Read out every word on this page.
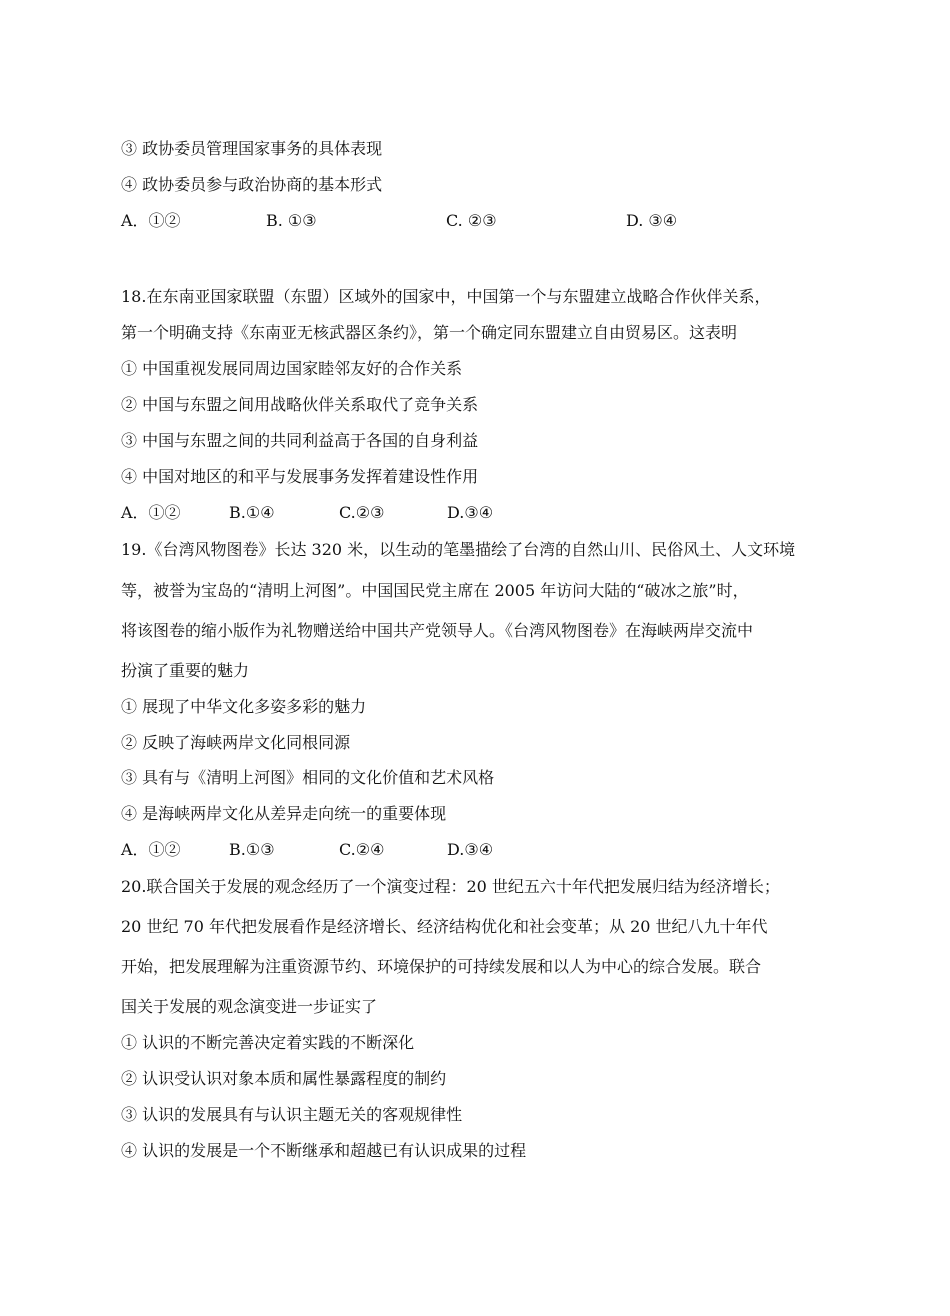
③ 政协委员管理国家事务的具体表现
④ 政协委员参与政治协商的基本形式
A．①②	B. ①③	C. ②③	D. ③④
18.在东南亚国家联盟（东盟）区域外的国家中，中国第一个与东盟建立战略合作伙伴关系，
第一个明确支持《东南亚无核武器区条约》，第一个确定同东盟建立自由贸易区。这表明
① 中国重视发展同周边国家睦邻友好的合作关系
② 中国与东盟之间用战略伙伴关系取代了竞争关系
③ 中国与东盟之间的共同利益高于各国的自身利益
④ 中国对地区的和平与发展事务发挥着建设性作用
A．①②	B.①④	C.②③	D.③④
19.《台湾风物图卷》长达 320 米，以生动的笔墨描绘了台湾的自然山川、民俗风土、人文环境
等，被誉为宝岛的“清明上河图”。中国国民党主席在 2005 年访问大陆的“破冰之旅”时，
将该图卷的缩小版作为礼物赠送给中国共产党领导人。《台湾风物图卷》在海峡两岸交流中
扮演了重要的魅力
① 展现了中华文化多姿多彩的魅力
② 反映了海峡两岸文化同根同源
③ 具有与《清明上河图》相同的文化价值和艺术风格
④ 是海峡两岸文化从差异走向统一的重要体现
A．①②	B.①③	C.②④	D.③④
20.联合国关于发展的观念经历了一个演变过程：20 世纪五六十年代把发展归结为经济增长；
20 世纪 70 年代把发展看作是经济增长、经济结构优化和社会变革；从 20 世纪八九十年代
开始，把发展理解为注重资源节约、环境保护的可持续发展和以人为中心的综合发展。联合
国关于发展的观念演变进一步证实了
① 认识的不断完善决定着实践的不断深化
② 认识受认识对象本质和属性暴露程度的制约
③ 认识的发展具有与认识主题无关的客观规律性
④ 认识的发展是一个不断继承和超越已有认识成果的过程
